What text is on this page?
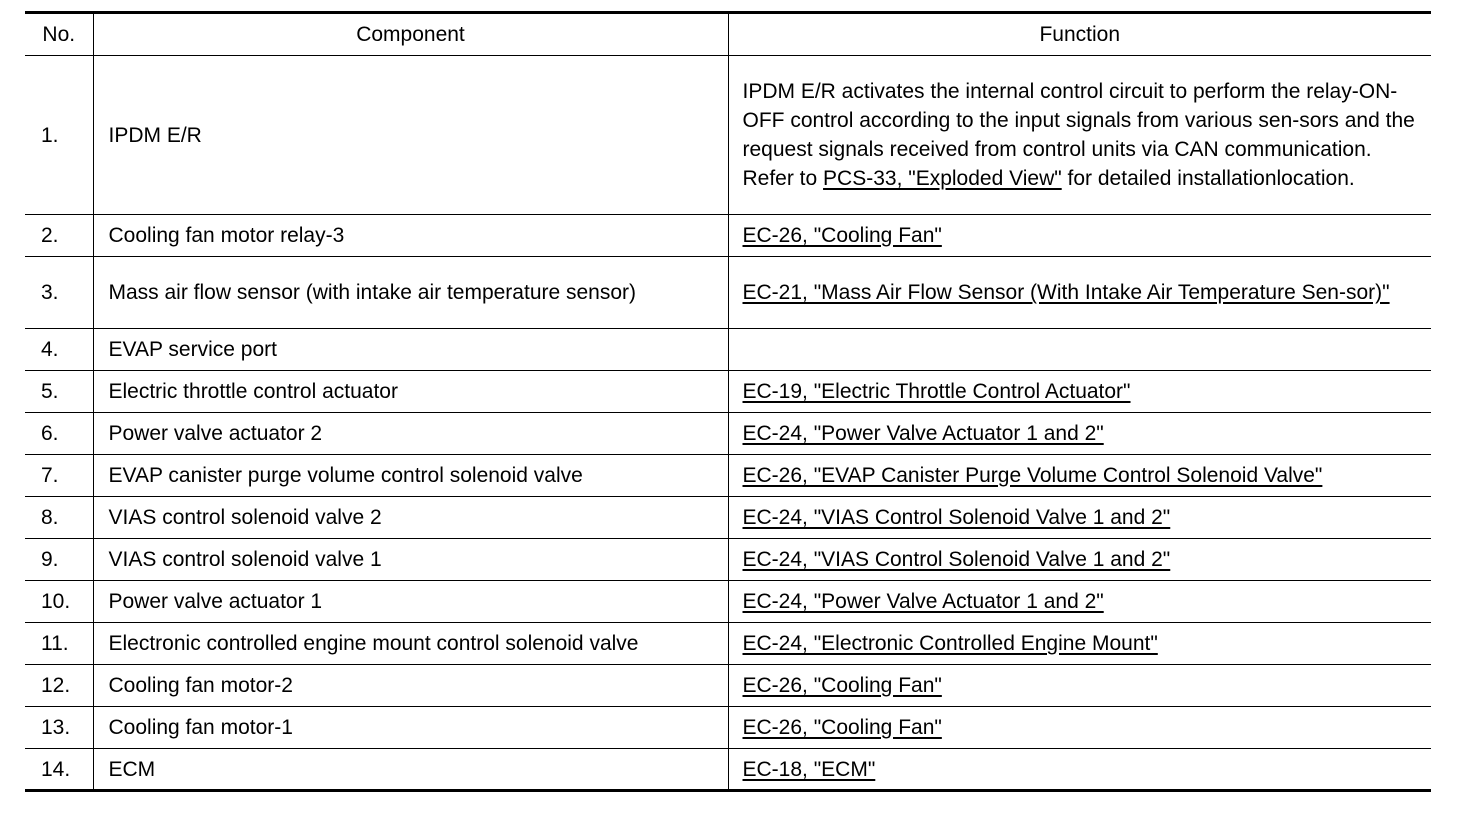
No.	Component	Function
1.	IPDM E/R	IPDM E/R activates the internal control circuit to perform the relay-ON-OFF control according to the input signals from various sen-sors and the request signals received from control units via CAN communication.
Refer to PCS-33, "Exploded View" for detailed installationlocation.
2.	Cooling fan motor relay-3	EC-26, "Cooling Fan"
3.	Mass air flow sensor (with intake air temperature sensor)	EC-21, "Mass Air Flow Sensor (With Intake Air Temperature Sen-sor)"
4.	EVAP service port	
5.	Electric throttle control actuator	EC-19, "Electric Throttle Control Actuator"
6.	Power valve actuator 2	EC-24, "Power Valve Actuator 1 and 2"
7.	EVAP canister purge volume control solenoid valve	EC-26, "EVAP Canister Purge Volume Control Solenoid Valve"
8.	VIAS control solenoid valve 2	EC-24, "VIAS Control Solenoid Valve 1 and 2"
9.	VIAS control solenoid valve 1	EC-24, "VIAS Control Solenoid Valve 1 and 2"
10.	Power valve actuator 1	EC-24, "Power Valve Actuator 1 and 2"
11.	Electronic controlled engine mount control solenoid valve	EC-24, "Electronic Controlled Engine Mount"
12.	Cooling fan motor-2	EC-26, "Cooling Fan"
13.	Cooling fan motor-1	EC-26, "Cooling Fan"
14.	ECM	EC-18, "ECM"
